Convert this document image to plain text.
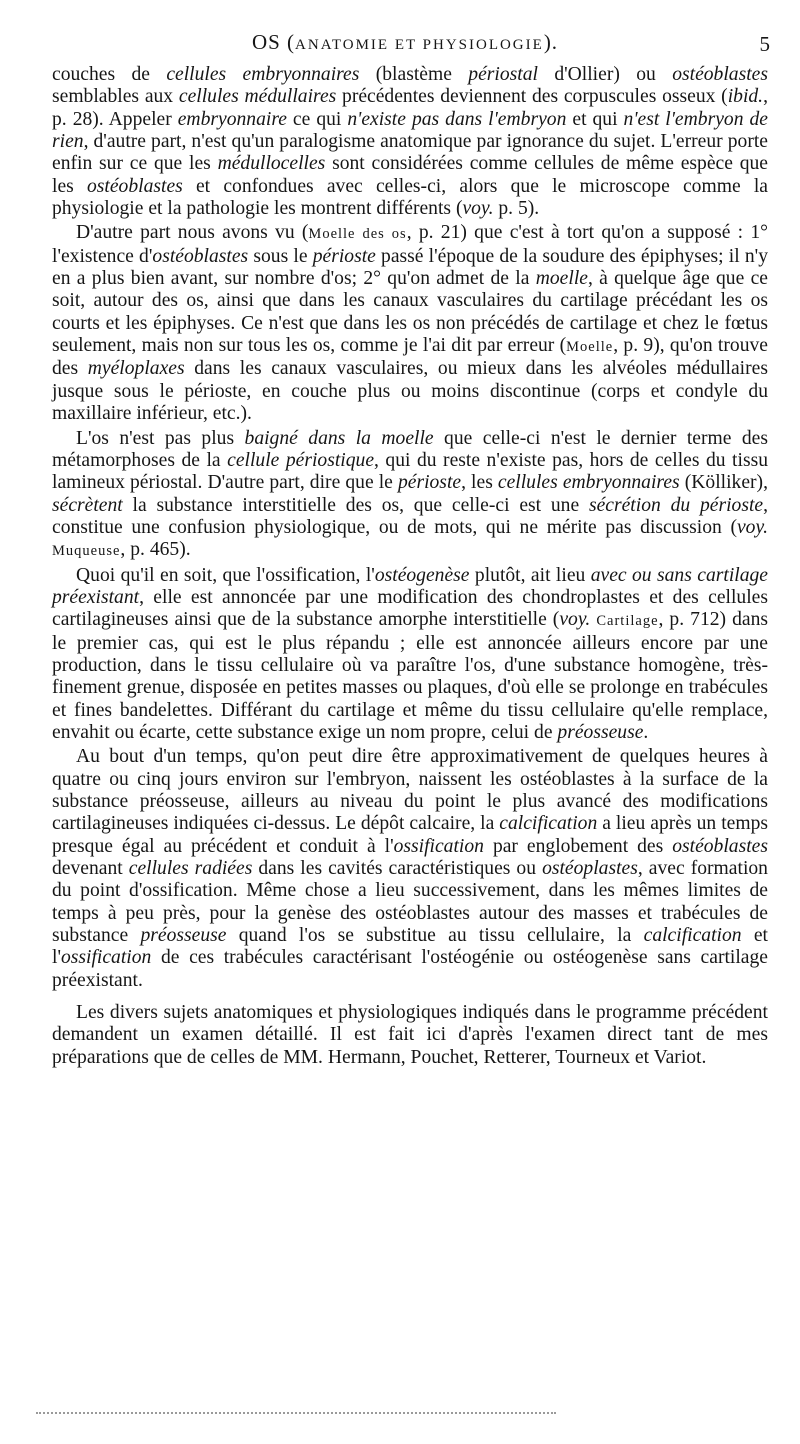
OS (ANATOMIE ET PHYSIOLOGIE).	5

couches de cellules embryonnaires (blastème périostal d'Ollier) ou ostéoblastes semblables aux cellules médullaires précédentes deviennent des corpuscules osseux (ibid., p. 28). Appeler embryonnaire ce qui n'existe pas dans l'embryon et qui n'est l'embryon de rien, d'autre part, n'est qu'un paralogisme anatomique par ignorance du sujet. L'erreur porte enfin sur ce que les médullocelles sont considérées comme cellules de même espèce que les ostéoblastes et confondues avec celles-ci, alors que le microscope comme la physiologie et la pathologie les montrent différents (voy. p. 5).

D'autre part nous avons vu (Moelle des os, p. 21) que c'est à tort qu'on a supposé : 1° l'existence d'ostéoblastes sous le périoste passé l'époque de la soudure des épiphyses; il n'y en a plus bien avant, sur nombre d'os; 2° qu'on admet de la moelle, à quelque âge que ce soit, autour des os, ainsi que dans les canaux vasculaires du cartilage précédant les os courts et les épiphyses. Ce n'est que dans les os non précédés de cartilage et chez le fœtus seulement, mais non sur tous les os, comme je l'ai dit par erreur (Moelle, p. 9), qu'on trouve des myéloplaxes dans les canaux vasculaires, ou mieux dans les alvéoles médullaires jusque sous le périoste, en couche plus ou moins discontinue (corps et condyle du maxillaire inférieur, etc.).

L'os n'est pas plus baigné dans la moelle que celle-ci n'est le dernier terme des métamorphoses de la cellule périostique, qui du reste n'existe pas, hors de celles du tissu lamineux périostal. D'autre part, dire que le périoste, les cellules embryonnaires (Kölliker), sécrètent la substance interstitielle des os, que celle-ci est une sécrétion du périoste, constitue une confusion physiologique, ou de mots, qui ne mérite pas discussion (voy. Muqueuse, p. 465).

Quoi qu'il en soit, que l'ossification, l'ostéogenèse plutôt, ait lieu avec ou sans cartilage préexistant, elle est annoncée par une modification des chondroplastes et des cellules cartilagineuses ainsi que de la substance amorphe interstitielle (voy. Cartilage, p. 712) dans le premier cas, qui est le plus répandu ; elle est annoncée ailleurs encore par une production, dans le tissu cellulaire où va paraître l'os, d'une substance homogène, très-finement grenue, disposée en petites masses ou plaques, d'où elle se prolonge en trabécules et fines bandelettes. Différant du cartilage et même du tissu cellulaire qu'elle remplace, envahit ou écarte, cette substance exige un nom propre, celui de préosseuse.

Au bout d'un temps, qu'on peut dire être approximativement de quelques heures à quatre ou cinq jours environ sur l'embryon, naissent les ostéoblastes à la surface de la substance préosseuse, ailleurs au niveau du point le plus avancé des modifications cartilagineuses indiquées ci-dessus. Le dépôt calcaire, la calcification a lieu après un temps presque égal au précédent et conduit à l'ossification par englobement des ostéoblastes devenant cellules radiées dans les cavités caractéristiques ou ostéoplastes, avec formation du point d'ossification. Même chose a lieu successivement, dans les mêmes limites de temps à peu près, pour la genèse des ostéoblastes autour des masses et trabécules de substance préosseuse quand l'os se substitue au tissu cellulaire, la calcification et l'ossification de ces trabécules caractérisant l'ostéogénie ou ostéogenèse sans cartilage préexistant.

Les divers sujets anatomiques et physiologiques indiqués dans le programme précédent demandent un examen détaillé. Il est fait ici d'après l'examen direct tant de mes préparations que de celles de MM. Hermann, Pouchet, Retterer, Tourneux et Variot.
